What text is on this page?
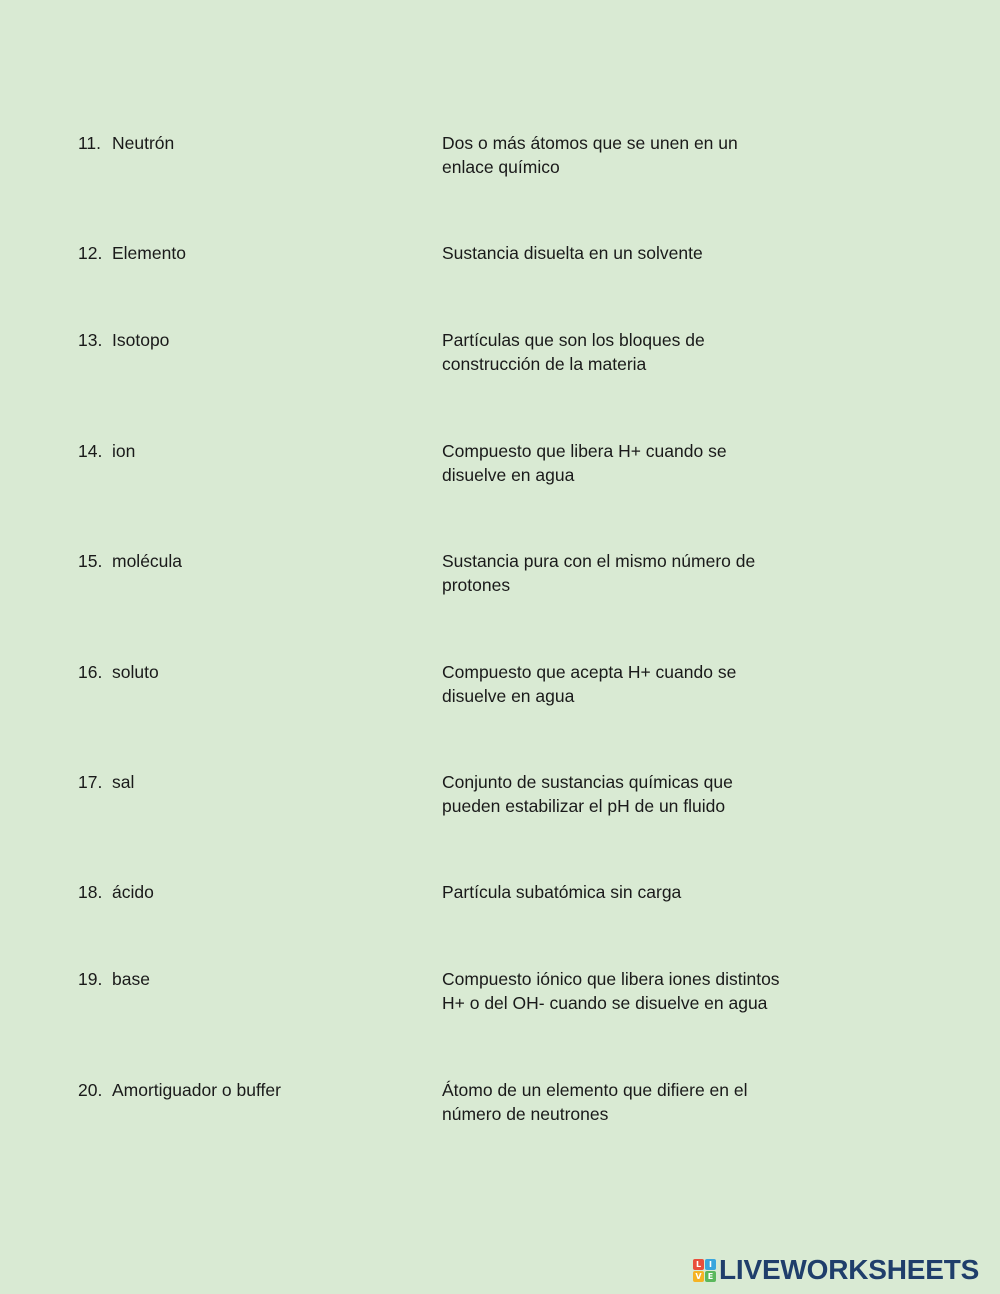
11. Neutrón	Dos o más átomos que se unen en un
enlace químico
12. Elemento	Sustancia disuelta en un solvente
13. Isotopo	Partículas que son los bloques de
construcción de la materia
14. ion	Compuesto que libera H+ cuando se
disuelve en agua
15. molécula	Sustancia pura con el mismo número de
protones
16. soluto	Compuesto que acepta H+ cuando se
disuelve en agua
17. sal	Conjunto de sustancias químicas que
pueden estabilizar el pH de un fluido
18. ácido	Partícula subatómica sin carga
19. base	Compuesto iónico que libera iones distintos
H+ o del OH- cuando se disuelve en agua
20. Amortiguador o buffer	Átomo de un elemento que difiere en el
número de neutrones
L I
V E LIVEWORKSHEETS
